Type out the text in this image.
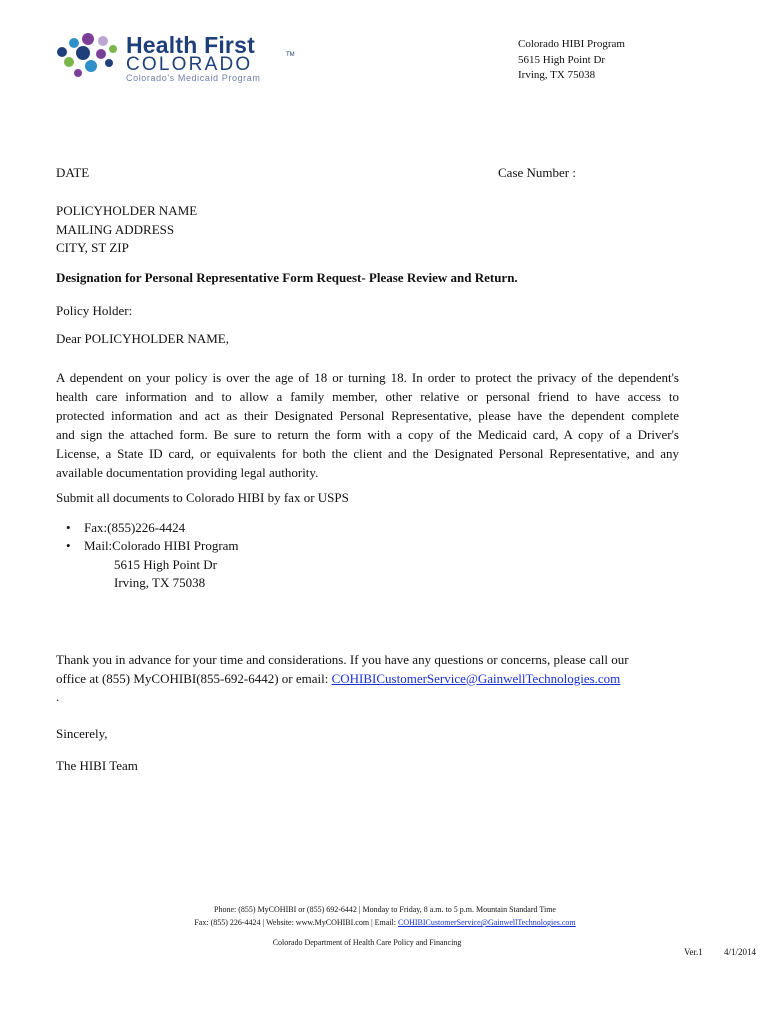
Health First
COLORADO	TM
Colorado's Medicaid Program
Colorado HIBI Program
5615 High Point Dr
Irving, TX 75038
DATE	Case Number :
POLICYHOLDER NAME
MAILING ADDRESS
CITY, ST ZIP
Designation for Personal Representative Form Request- Please Review and Return.
Policy Holder:
Dear POLICYHOLDER NAME,
A dependent on your policy is over the age of 18 or turning 18. In order to protect the privacy of the dependent's
health care information and to allow a family member, other relative or personal friend to have access to
protected information and act as their Designated Personal Representative, please have the dependent complete
and sign the attached form. Be sure to return the form with a copy of the Medicaid card, A copy of a Driver's
License, a State ID card, or equivalents for both the client and the Designated Personal Representative, and any
available documentation providing legal authority.
Submit all documents to Colorado HIBI by fax or USPS
• Fax:(855)226-4424
• Mail:Colorado HIBI Program
5615 High Point Dr
Irving, TX 75038
Thank you in advance for your time and considerations. If you have any questions or concerns, please call our
office at (855) MyCOHIBI(855-692-6442) or email: COHIBICustomerService@GainwellTechnologies.com
.
Sincerely,
The HIBI Team
Phone: (855) MyCOHIBI or (855) 692-6442 | Monday to Friday, 8 a.m. to 5 p.m. Mountain Standard Time
Fax: (855) 226-4424 | Website: www.MyCOHIBI.com | Email: COHIBICustomerService@GainwellTechnologies.com
Colorado Department of Health Care Policy and Financing
Ver.1 4/1/2014
